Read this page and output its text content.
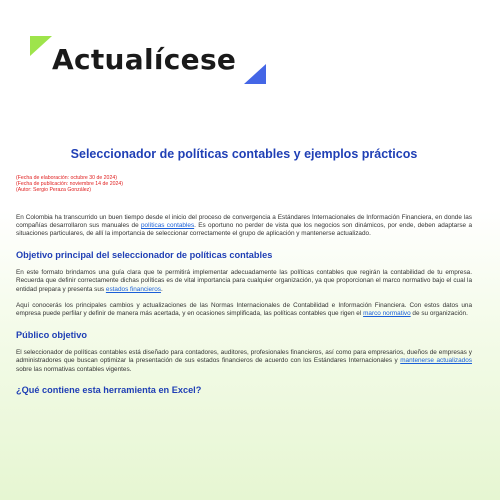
Actualícese
Seleccionador de políticas contables y ejemplos prácticos
(Fecha de elaboración: octubre 30 de 2024)
(Fecha de publicación: noviembre 14 de 2024)
(Autor: Sergio Peraza González)

En Colombia ha transcurrido un buen tiempo desde el inicio del proceso de convergencia a Estándares Internacionales de Información Financiera, en donde las compañías desarrollaron sus manuales de políticas contables. Es oportuno no perder de vista que los negocios son dinámicos, por ende, deben adaptarse a situaciones particulares, de allí la importancia de seleccionar correctamente el grupo de aplicación y mantenerse actualizado.

Objetivo principal del seleccionador de políticas contables

En este formato brindamos una guía clara que te permitirá implementar adecuadamente las políticas contables que regirán la contabilidad de tu empresa. Recuerda que definir correctamente dichas políticas es de vital importancia para cualquier organización, ya que proporcionan el marco normativo bajo el cual la entidad prepara y presenta sus estados financieros.

Aquí conocerás los principales cambios y actualizaciones de las Normas Internacionales de Contabilidad e Información Financiera. Con estos datos una empresa puede perfilar y definir de manera más acertada, y en ocasiones simplificada, las políticas contables que rigen el marco normativo de su organización.

Público objetivo

El seleccionador de políticas contables está diseñado para contadores, auditores, profesionales financieros, así como para empresarios, dueños de empresas y administradores que buscan optimizar la presentación de sus estados financieros de acuerdo con los Estándares Internacionales y mantenerse actualizados sobre las normativas contables vigentes.

¿Qué contiene esta herramienta en Excel?
